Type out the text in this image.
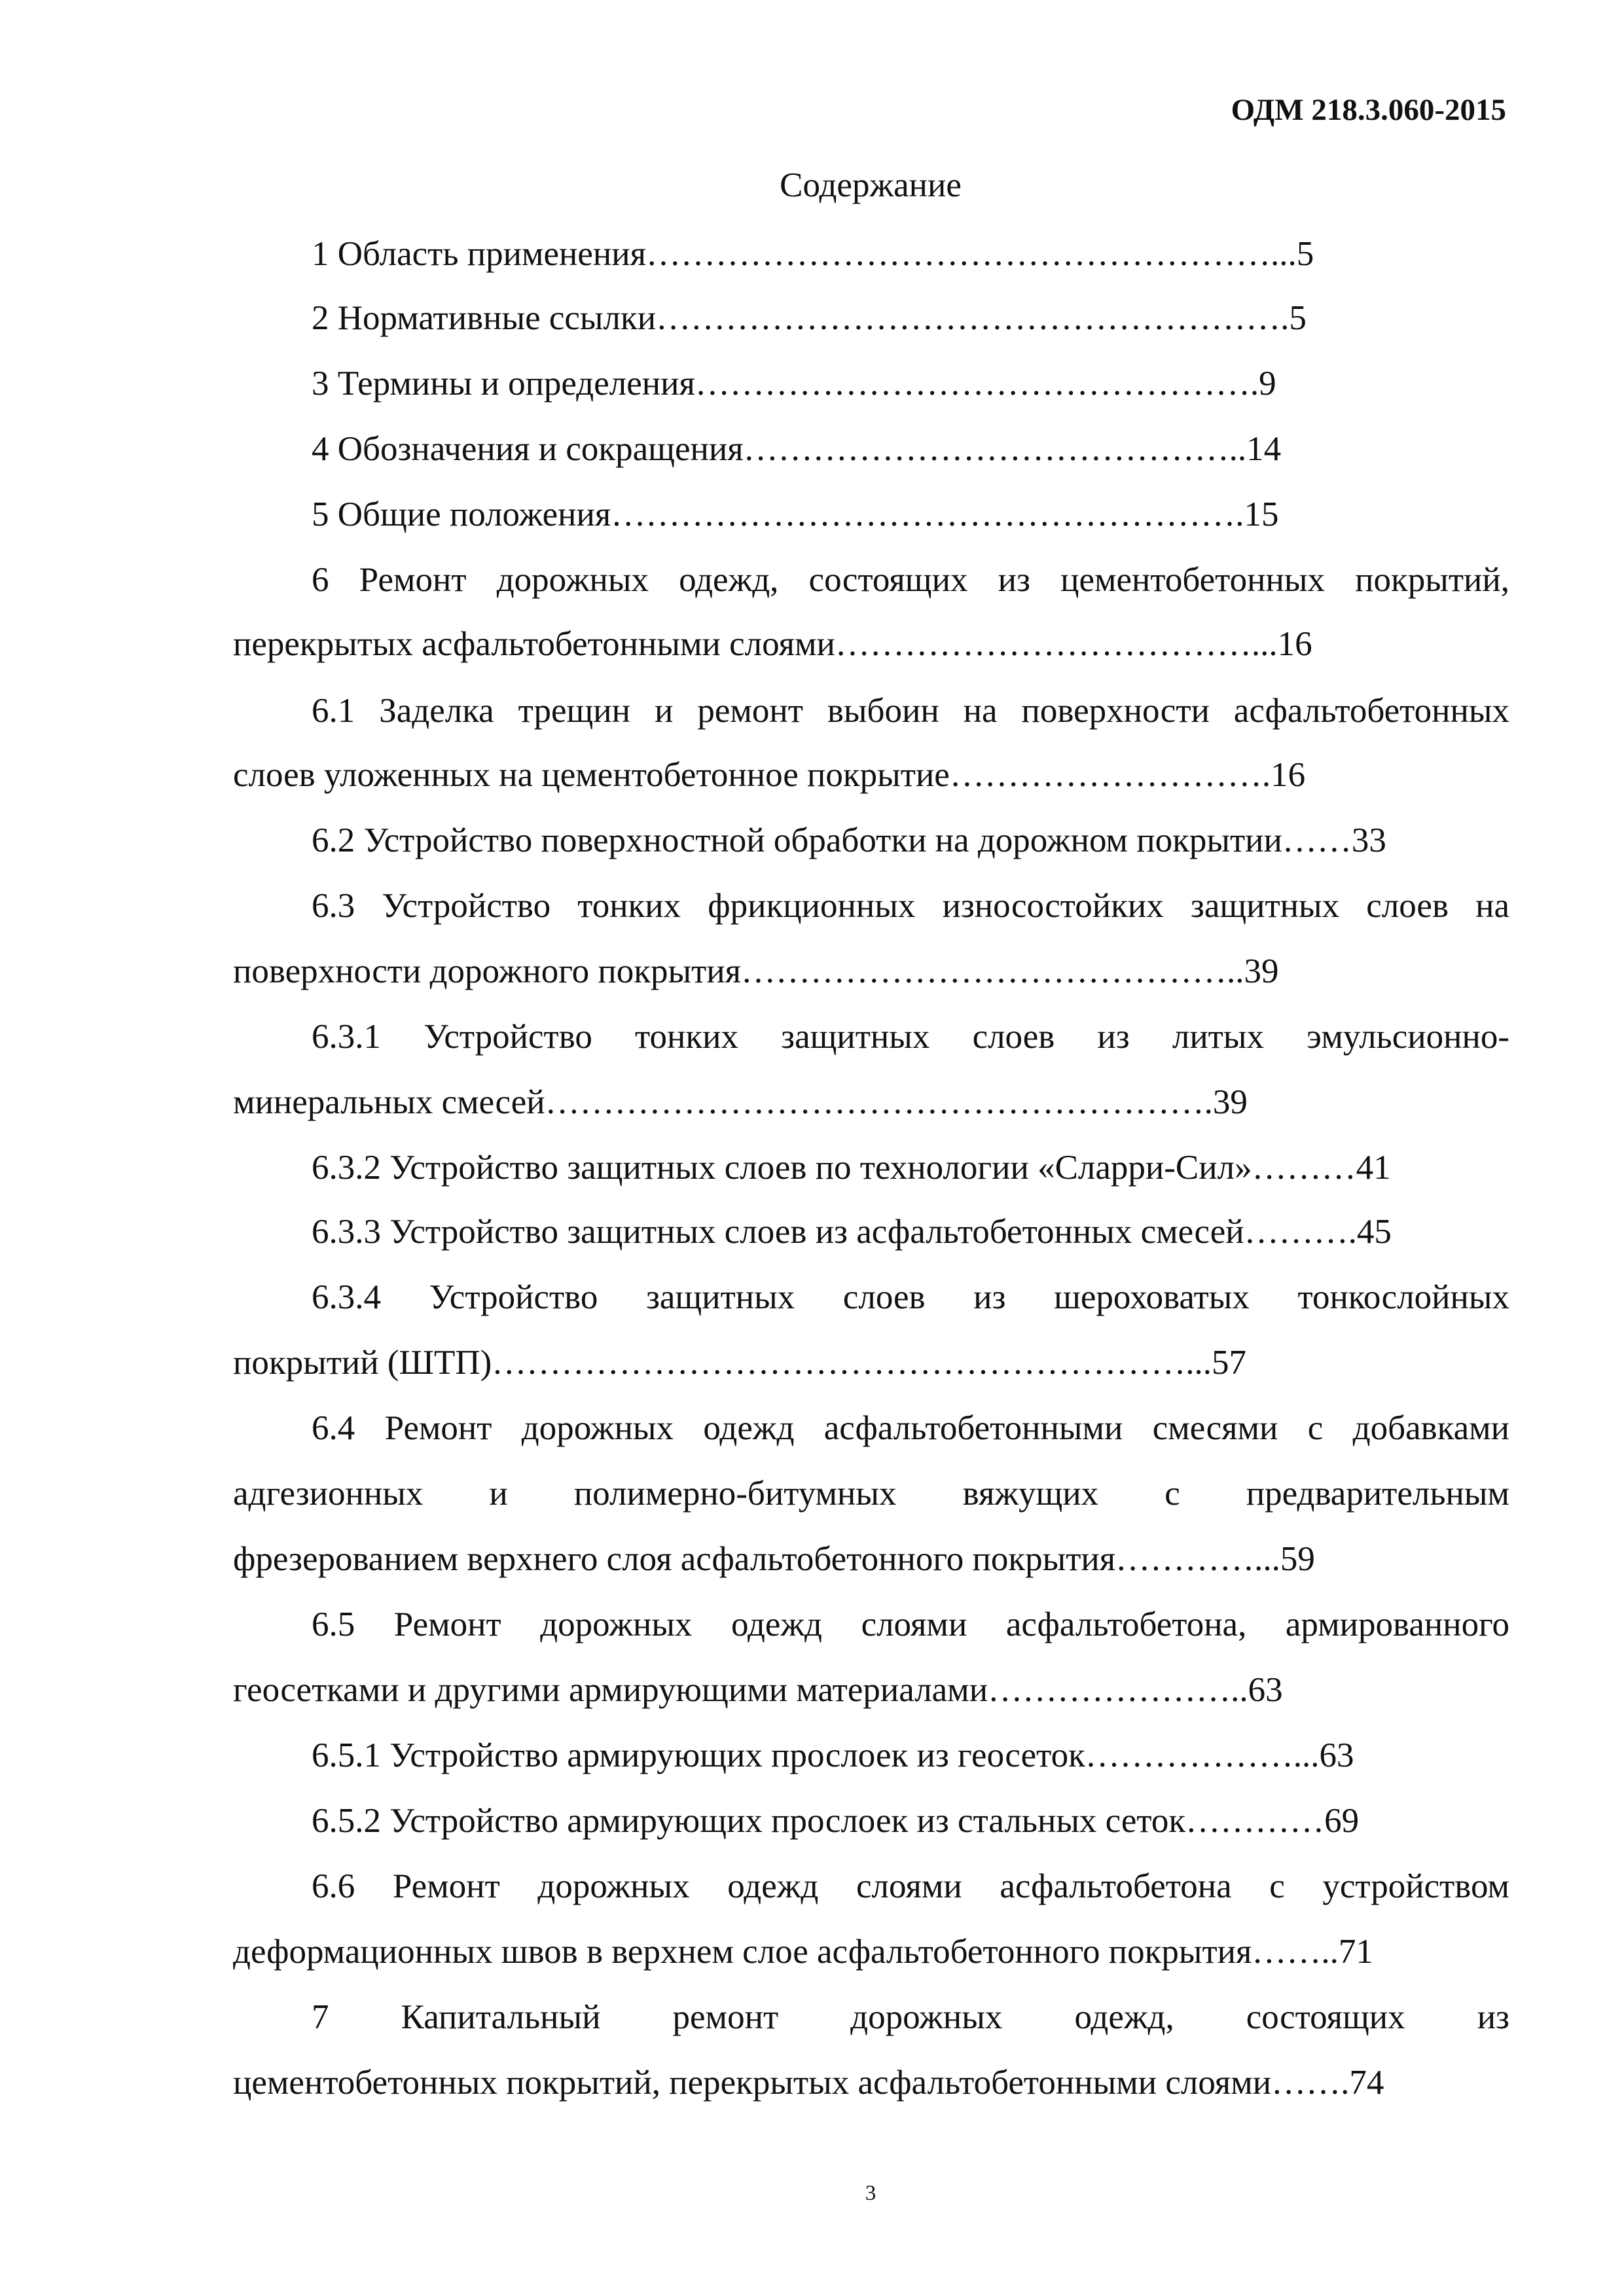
ОДМ 218.3.060-2015
Содержание
1 Область применения………………………………………………...5
2 Нормативные ссылки……………………………………………….5
3 Термины и определения………………………………………….9
4 Обозначения и сокращения……………………………………..14
5 Общие положения……………………………………………….15
6 Ремонт дорожных одежд, состоящих из цементобетонных покрытий,
перекрытых асфальтобетонными слоями………………………………...16
6.1 Заделка трещин и ремонт выбоин на поверхности асфальтобетонных
слоев уложенных на цементобетонное покрытие……………………….16
6.2 Устройство поверхностной обработки на дорожном покрытии……33
6.3 Устройство тонких фрикционных износостойких защитных слоев на
поверхности дорожного покрытия……………………………………..39
6.3.1 Устройство тонких защитных слоев из литых эмульсионно-
минеральных смесей………………………………………………….39
6.3.2 Устройство защитных слоев по технологии «Сларри-Сил»………41
6.3.3 Устройство защитных слоев из асфальтобетонных смесей……….45
6.3.4 Устройство защитных слоев из шероховатых тонкослойных
покрытий (ШТП)……………………………………………………...57
6.4 Ремонт дорожных одежд асфальтобетонными смесями с добавками
адгезионных и полимерно-битумных вяжущих с предварительным
фрезерованием верхнего слоя асфальтобетонного покрытия…………...59
6.5 Ремонт дорожных одежд слоями асфальтобетона, армированного
геосетками и другими армирующими материалами…………………..63
6.5.1 Устройство армирующих прослоек из геосеток………………...63
6.5.2 Устройство армирующих прослоек из стальных сеток…………69
6.6 Ремонт дорожных одежд слоями асфальтобетона с устройством
деформационных швов в верхнем слое асфальтобетонного покрытия……..71
7 Капитальный ремонт дорожных одежд, состоящих из
цементобетонных покрытий, перекрытых асфальтобетонными слоями…….74
3
